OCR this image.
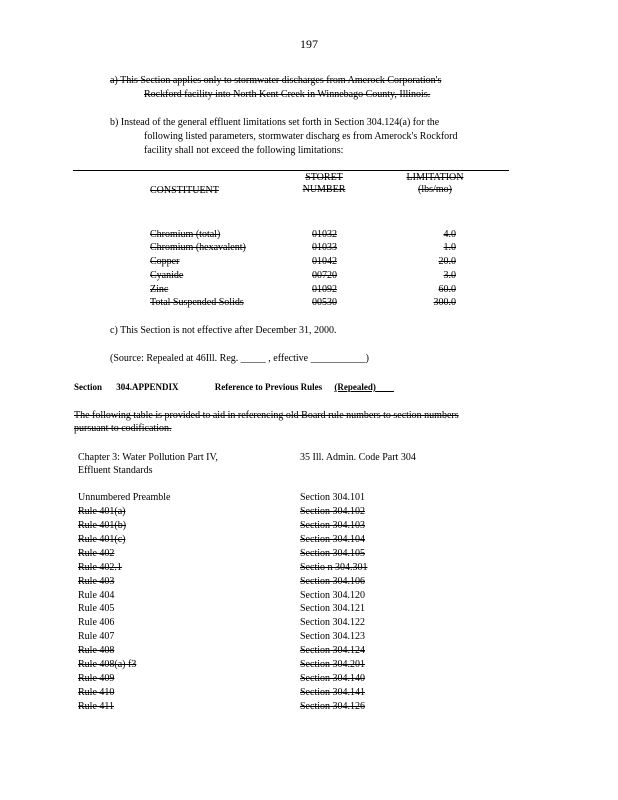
197
a) This Section applies only to stormwater discharges from Amerock Corporation's
Rockford facility into North Kent Creek in Winnebago County, Illinois.
b) Instead of the general effluent limitations set forth in Section 304.124(a) for the
following listed parameters, stormwater discharg es from Amerock's Rockford
facility shall not exceed the following limitations:
CONSTITUENT
STORET
NUMBER
LIMITATION
(lbs/mo)
Chromium (total)	01032	4.0
Chromium (hexavalent)	01033	1.0
Copper	01042	20.0
Cyanide	00720	3.0
Zinc	01092	60.0
Total Suspended Solids	00530	300.0
c) This Section is not effective after December 31, 2000.
(Source: Repealed at 46Ill. Reg. _____ , effective ___________)
Section 304.APPENDIX	Reference to Previous Rules (Repealed)
The following table is provided to aid in referencing old Board rule numbers to section numbers
pursuant to codification.
Chapter 3: Water Pollution Part IV,
Effluent Standards
35 Ill. Admin. Code Part 304
Unnumbered Preamble	Section 304.101
Rule 401(a)	Section 304.102
Rule 401(b)	Section 304.103
Rule 401(c)	Section 304.104
Rule 402	Section 304.105
Rule 402.1	Sectio n 304.301
Rule 403	Section 304.106
Rule 404	Section 304.120
Rule 405	Section 304.121
Rule 406	Section 304.122
Rule 407	Section 304.123
Rule 408	Section 304.124
Rule 408(a) f3	Section 304.201
Rule 409	Section 304.140
Rule 410	Section 304.141
Rule 411	Section 304.126
